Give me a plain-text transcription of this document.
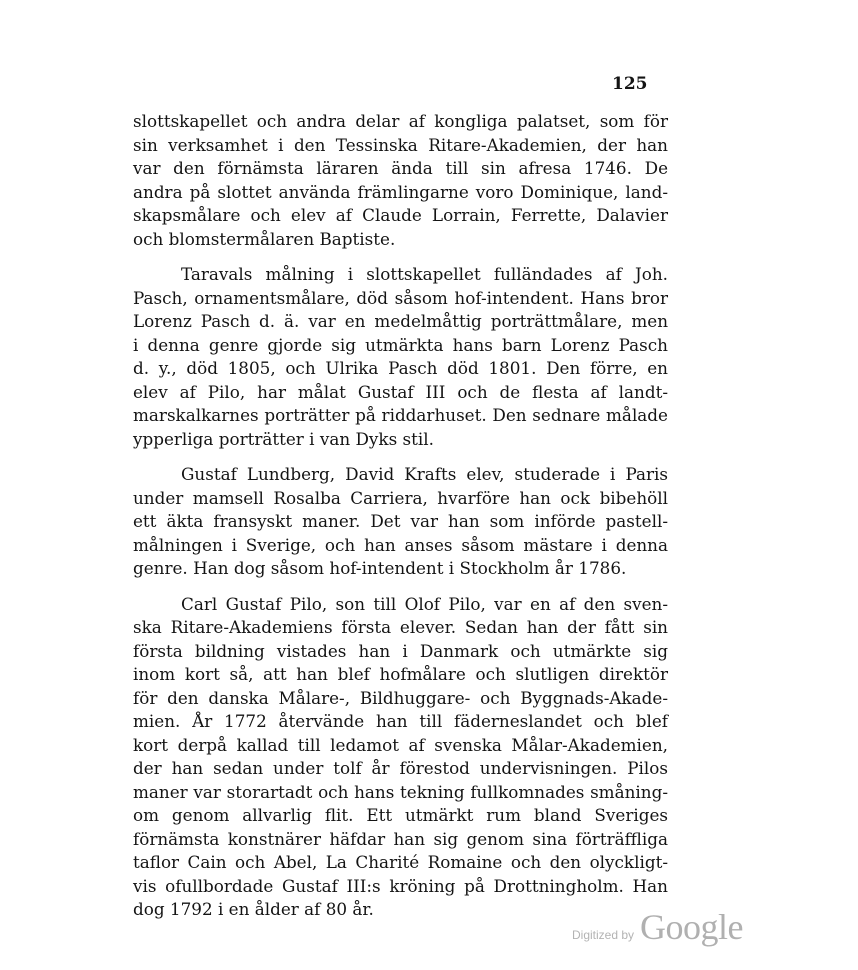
125
slottskapellet och andra delar af kongliga palatset, som för
sin verksamhet i den Tessinska Ritare-Akademien, der han
var den förnämsta läraren ända till sin afresa 1746. De
andra på slottet använda främlingarne voro Dominique, land-
skapsmålare och elev af Claude Lorrain, Ferrette, Dalavier
och blomstermålaren Baptiste.
Taravals målning i slottskapellet fulländades af Joh.
Pasch, ornamentsmålare, död såsom hof-intendent. Hans bror
Lorenz Pasch d. ä. var en medelmåttig porträttmålare, men
i denna genre gjorde sig utmärkta hans barn Lorenz Pasch
d. y., död 1805, och Ulrika Pasch död 1801. Den förre, en
elev af Pilo, har målat Gustaf III och de flesta af landt-
marskalkarnes porträtter på riddarhuset. Den sednare målade
ypperliga porträtter i van Dyks stil.
Gustaf Lundberg, David Krafts elev, studerade i Paris
under mamsell Rosalba Carriera, hvarföre han ock bibehöll
ett äkta fransyskt maner. Det var han som införde pastell-
målningen i Sverige, och han anses såsom mästare i denna
genre. Han dog såsom hof-intendent i Stockholm år 1786.
Carl Gustaf Pilo, son till Olof Pilo, var en af den sven-
ska Ritare-Akademiens första elever. Sedan han der fått sin
första bildning vistades han i Danmark och utmärkte sig
inom kort så, att han blef hofmålare och slutligen direktör
för den danska Målare-, Bildhuggare- och Byggnads-Akade-
mien. År 1772 återvände han till fäderneslandet och blef
kort derpå kallad till ledamot af svenska Målar-Akademien,
der han sedan under tolf år förestod undervisningen. Pilos
maner var storartadt och hans tekning fullkomnades småning-
om genom allvarlig flit. Ett utmärkt rum bland Sveriges
förnämsta konstnärer häfdar han sig genom sina förträffliga
taflor Cain och Abel, La Charité Romaine och den olyckligt-
vis ofullbordade Gustaf III:s kröning på Drottningholm. Han
dog 1792 i en ålder af 80 år.
Digitized by Google
